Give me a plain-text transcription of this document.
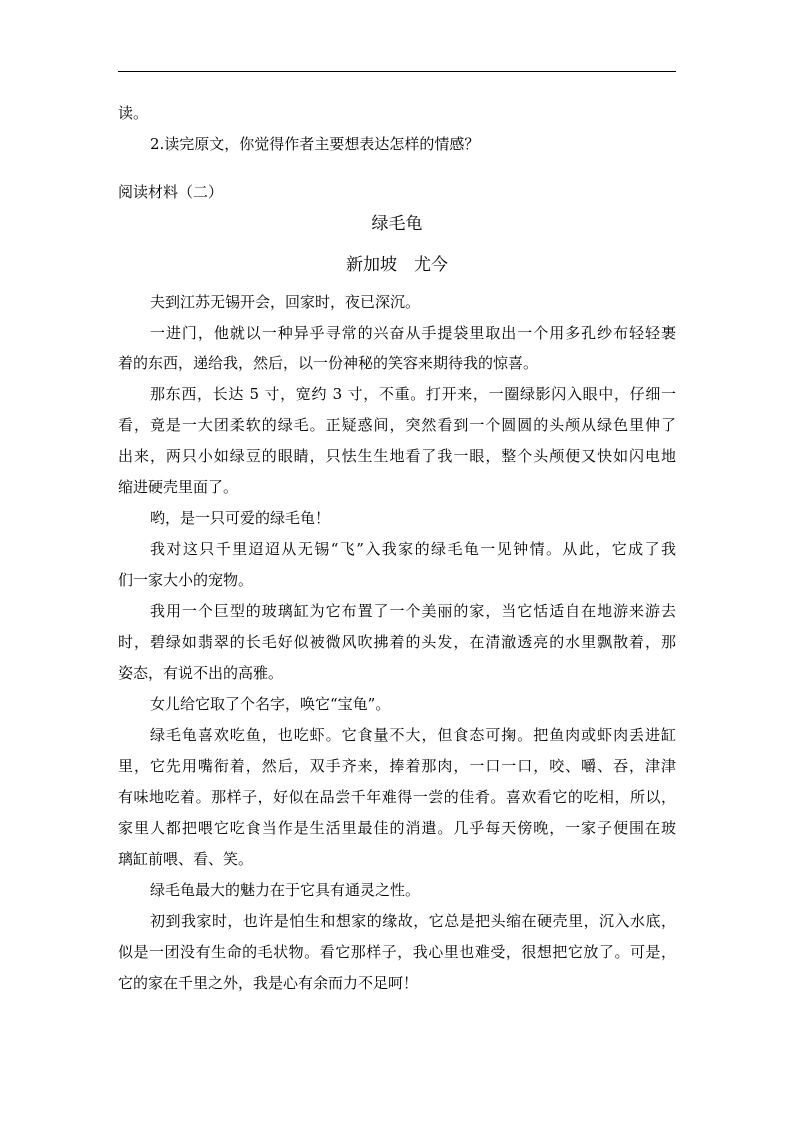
读。
2.读完原文，你觉得作者主要想表达怎样的情感？
阅读材料（二）
绿毛龟
新加坡　尤今
夫到江苏无锡开会，回家时，夜已深沉。
一进门，他就以一种异乎寻常的兴奋从手提袋里取出一个用多孔纱布轻轻裹
着的东西，递给我，然后，以一份神秘的笑容来期待我的惊喜。
那东西，长达 5 寸，宽约 3 寸，不重。打开来，一圈绿影闪入眼中，仔细一
看，竟是一大团柔软的绿毛。正疑惑间，突然看到一个圆圆的头颅从绿色里伸了
出来，两只小如绿豆的眼睛，只怯生生地看了我一眼，整个头颅便又快如闪电地
缩进硬壳里面了。
哟，是一只可爱的绿毛龟！
我对这只千里迢迢从无锡“飞”入我家的绿毛龟一见钟情。从此，它成了我
们一家大小的宠物。
我用一个巨型的玻璃缸为它布置了一个美丽的家，当它恬适自在地游来游去
时，碧绿如翡翠的长毛好似被微风吹拂着的头发，在清澈透亮的水里飘散着，那
姿态，有说不出的高雅。
女儿给它取了个名字，唤它“宝龟”。
绿毛龟喜欢吃鱼，也吃虾。它食量不大，但食态可掬。把鱼肉或虾肉丢进缸
里，它先用嘴衔着，然后，双手齐来，捧着那肉，一口一口，咬、嚼、吞，津津
有味地吃着。那样子，好似在品尝千年难得一尝的佳肴。喜欢看它的吃相，所以，
家里人都把喂它吃食当作是生活里最佳的消遣。几乎每天傍晚，一家子便围在玻
璃缸前喂、看、笑。
绿毛龟最大的魅力在于它具有通灵之性。
初到我家时，也许是怕生和想家的缘故，它总是把头缩在硬壳里，沉入水底，
似是一团没有生命的毛状物。看它那样子，我心里也难受，很想把它放了。可是，
它的家在千里之外，我是心有余而力不足呵！
